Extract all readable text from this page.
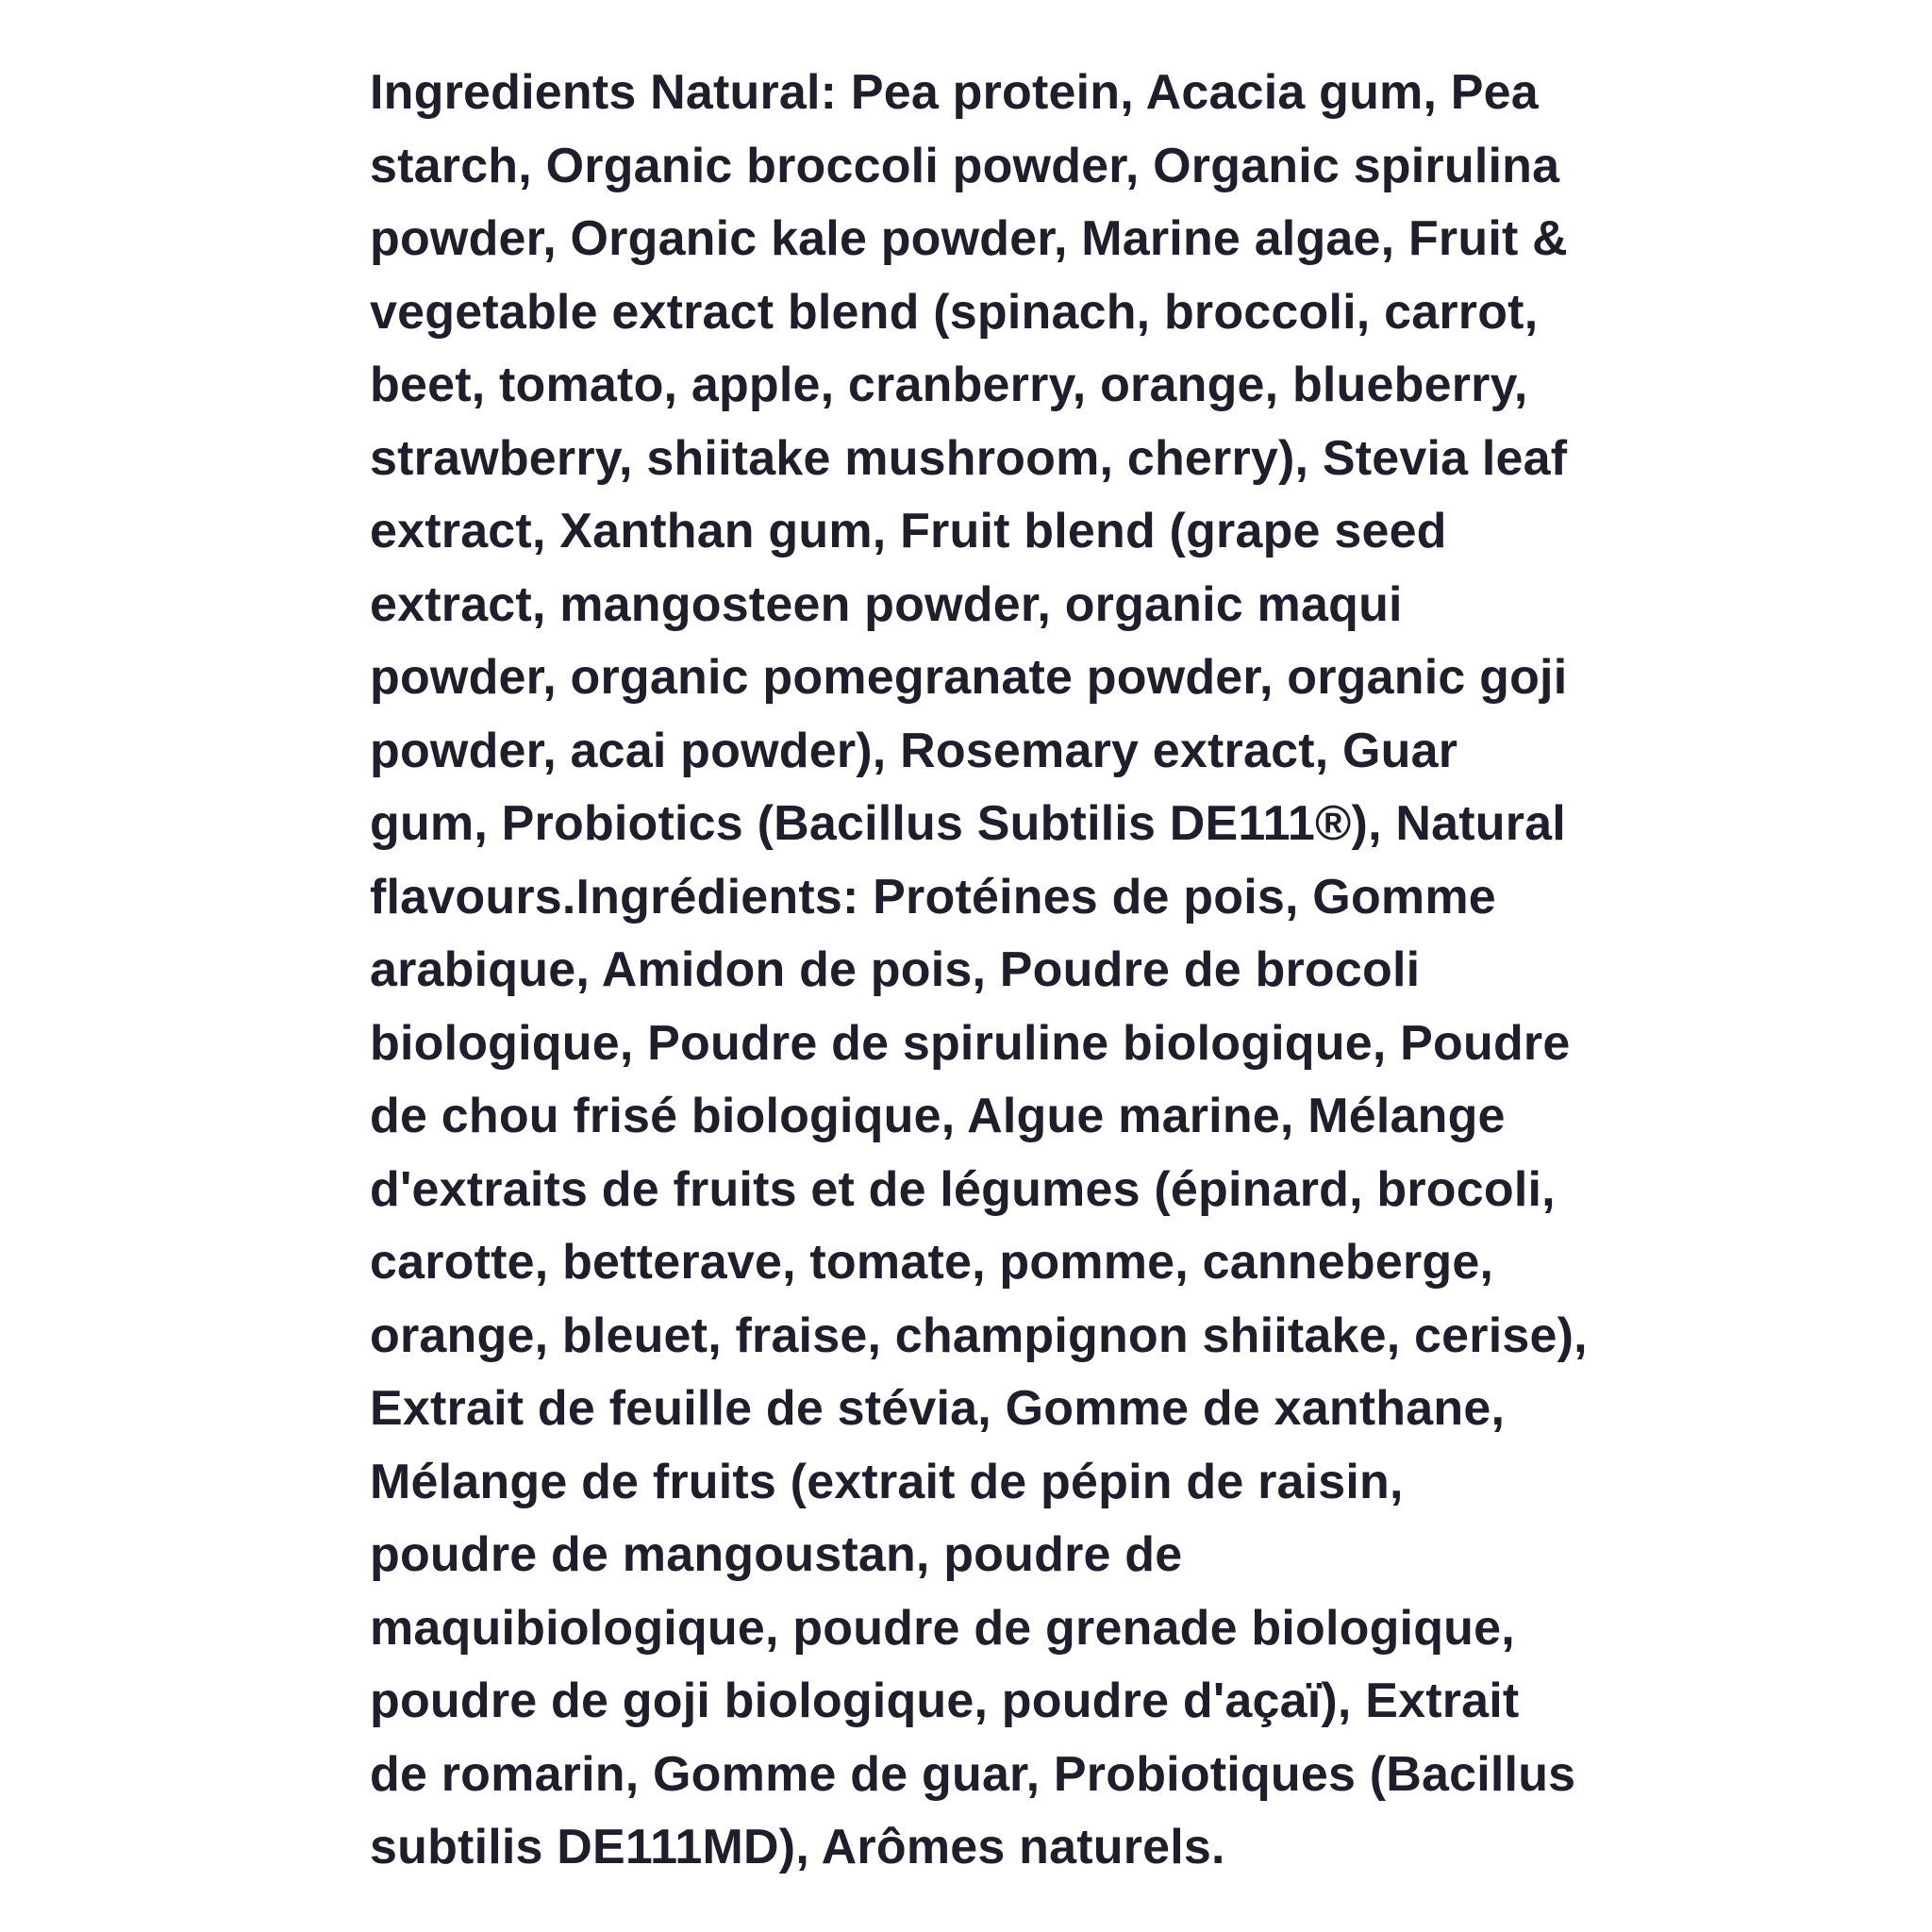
Ingredients Natural: Pea protein, Acacia gum, Pea
starch, Organic broccoli powder, Organic spirulina
powder, Organic kale powder, Marine algae, Fruit &
vegetable extract blend (spinach, broccoli, carrot,
beet, tomato, apple, cranberry, orange, blueberry,
strawberry, shiitake mushroom, cherry), Stevia leaf
extract, Xanthan gum, Fruit blend (grape seed
extract, mangosteen powder, organic maqui
powder, organic pomegranate powder, organic goji
powder, acai powder), Rosemary extract, Guar
gum, Probiotics (Bacillus Subtilis DE111®), Natural
flavours.Ingrédients: Protéines de pois, Gomme
arabique, Amidon de pois, Poudre de brocoli
biologique, Poudre de spiruline biologique, Poudre
de chou frisé biologique, Algue marine, Mélange
d'extraits de fruits et de légumes (épinard, brocoli,
carotte, betterave, tomate, pomme, canneberge,
orange, bleuet, fraise, champignon shiitake, cerise),
Extrait de feuille de stévia, Gomme de xanthane,
Mélange de fruits (extrait de pépin de raisin,
poudre de mangoustan, poudre de
maquibiologique, poudre de grenade biologique,
poudre de goji biologique, poudre d'açaï), Extrait
de romarin, Gomme de guar, Probiotiques (Bacillus
subtilis DE111MD), Arômes naturels.
